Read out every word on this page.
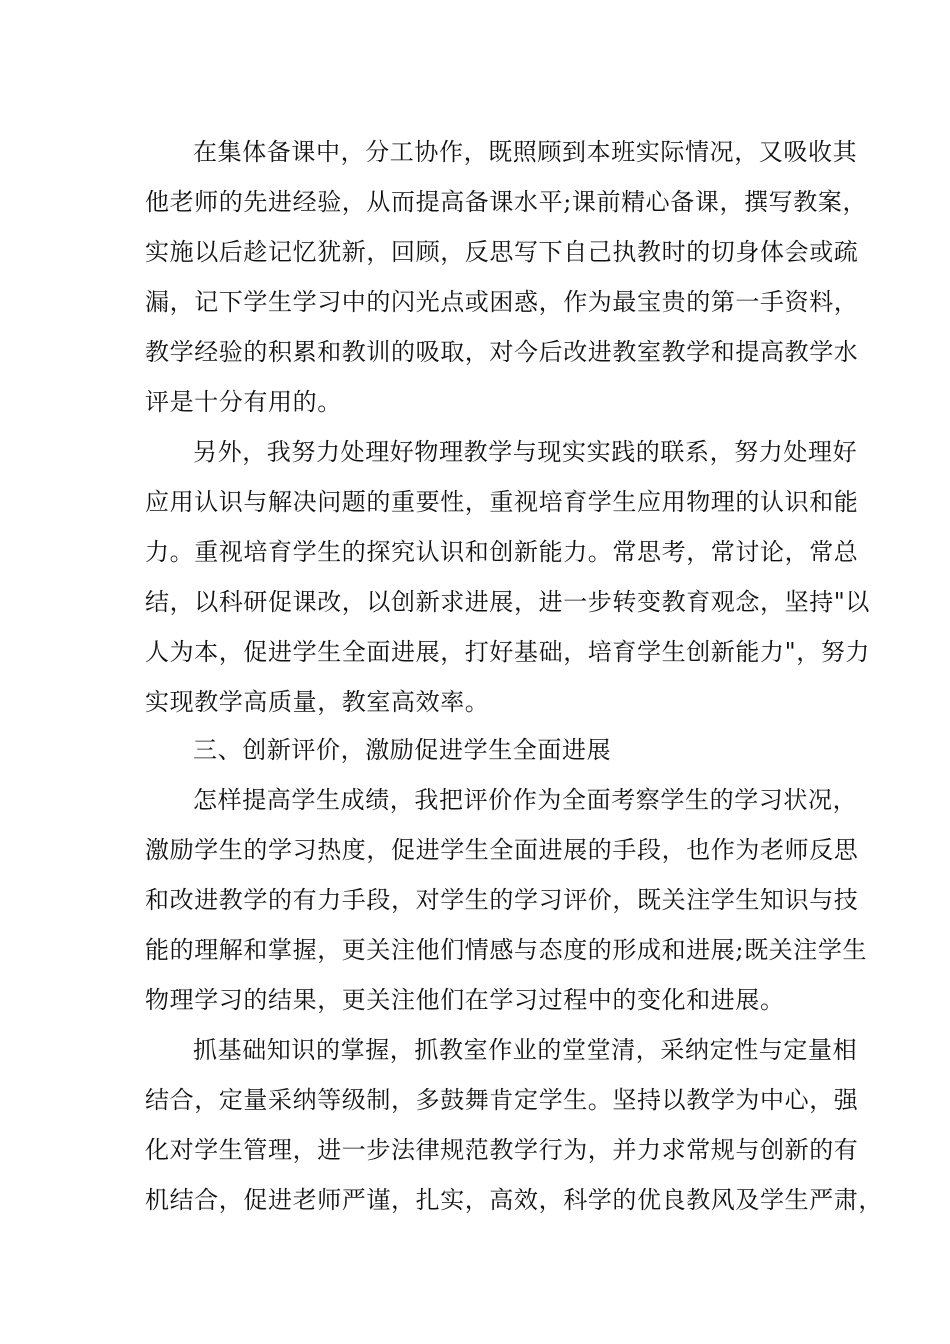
在集体备课中，分工协作，既照顾到本班实际情况，又吸收其
他老师的先进经验，从而提高备课水平;课前精心备课，撰写教案，
实施以后趁记忆犹新，回顾，反思写下自己执教时的切身体会或疏
漏，记下学生学习中的闪光点或困惑，作为最宝贵的第一手资料，
教学经验的积累和教训的吸取，对今后改进教室教学和提高教学水
评是十分有用的。
另外，我努力处理好物理教学与现实实践的联系，努力处理好
应用认识与解决问题的重要性，重视培育学生应用物理的认识和能
力。重视培育学生的探究认识和创新能力。常思考，常讨论，常总
结，以科研促课改，以创新求进展，进一步转变教育观念，坚持"以
人为本，促进学生全面进展，打好基础，培育学生创新能力"，努力
实现教学高质量，教室高效率。
三、创新评价，激励促进学生全面进展
怎样提高学生成绩，我把评价作为全面考察学生的学习状况，
激励学生的学习热度，促进学生全面进展的手段，也作为老师反思
和改进教学的有力手段，对学生的学习评价，既关注学生知识与技
能的理解和掌握，更关注他们情感与态度的形成和进展;既关注学生
物理学习的结果，更关注他们在学习过程中的变化和进展。
抓基础知识的掌握，抓教室作业的堂堂清，采纳定性与定量相
结合，定量采纳等级制，多鼓舞肯定学生。坚持以教学为中心，强
化对学生管理，进一步法律规范教学行为，并力求常规与创新的有
机结合，促进老师严谨，扎实，高效，科学的优良教风及学生严肃，
